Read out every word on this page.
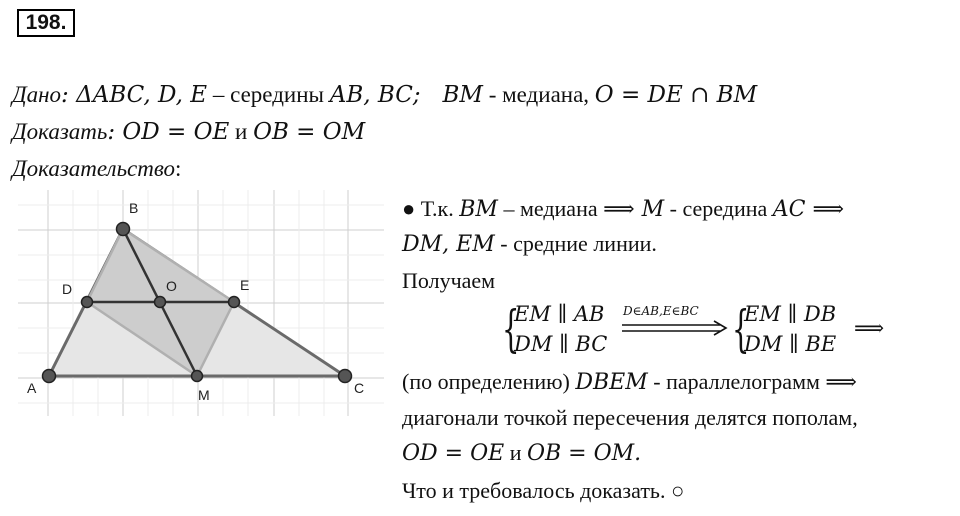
198.
Дано: ΔABC, D, E – середины AB, BC;   BM - медиана, O = DE ∩ BM
Доказать: OD = OE и OB = OM
Доказательство:
A
B
C
D	E
O
M
● Т.к. BM – медиана ⟹ M - середина AC ⟹
DM, EM - средние линии.
Получаем
{
EM ∥ AB
DM ∥ BC
D∈AB,E∈BC {
EM ∥ DB
DM ∥ BE
⟹
(по определению) DBEM - параллелограмм ⟹
диагонали точкой пересечения делятся пополам,
OD = OE и OB = OM.
Что и требовалось доказать. ○
